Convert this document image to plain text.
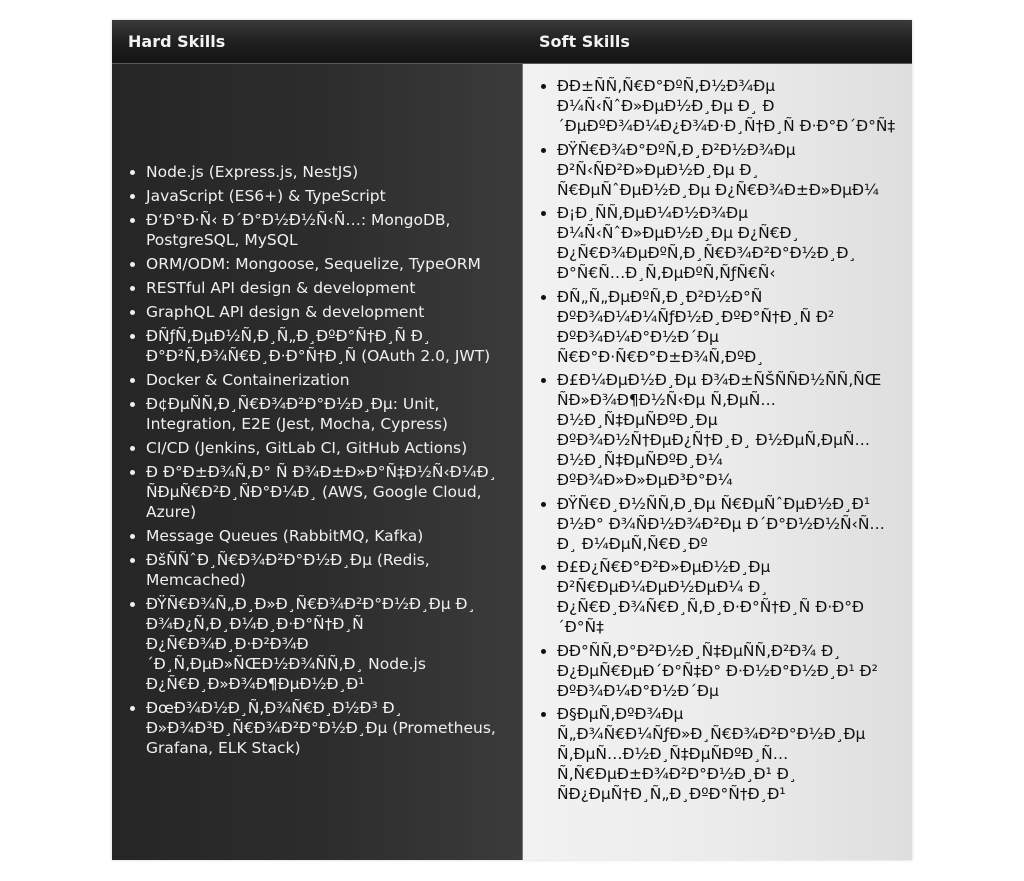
Hard Skills	Soft Skills
Node.js (Express.js, NestJS)
JavaScript (ES6+) & TypeScript
Ð‘Ð°Ð·Ñ‹ Ð´Ð°Ð½Ð½Ñ‹Ñ…: MongoDB, PostgreSQL, MySQL
ORM/ODM: Mongoose, Sequelize, TypeORM
RESTful API design & development
GraphQL API design & development
ÐÑƒÑ‚ÐµÐ½Ñ‚Ð¸Ñ„Ð¸ÐºÐ°Ñ†Ð¸Ñ Ð¸ Ð°Ð²Ñ‚Ð¾Ñ€Ð¸Ð·Ð°Ñ†Ð¸Ñ (OAuth 2.0, JWT)
Docker & Containerization
Ð¢ÐµÑÑ‚Ð¸Ñ€Ð¾Ð²Ð°Ð½Ð¸Ðµ: Unit, Integration, E2E (Jest, Mocha, Cypress)
CI/CD (Jenkins, GitLab CI, GitHub Actions)
Ð Ð°Ð±Ð¾Ñ‚Ð° Ñ Ð¾Ð±Ð»Ð°Ñ‡Ð½Ñ‹Ð¼Ð¸ ÑÐµÑ€Ð²Ð¸ÑÐ°Ð¼Ð¸ (AWS, Google Cloud, Azure)
Message Queues (RabbitMQ, Kafka)
ÐšÑÑˆÐ¸Ñ€Ð¾Ð²Ð°Ð½Ð¸Ðµ (Redis, Memcached)
ÐŸÑ€Ð¾Ñ„Ð¸Ð»Ð¸Ñ€Ð¾Ð²Ð°Ð½Ð¸Ðµ Ð¸ Ð¾Ð¿Ñ‚Ð¸Ð¼Ð¸Ð·Ð°Ñ†Ð¸Ñ Ð¿Ñ€Ð¾Ð¸Ð·Ð²Ð¾Ð´Ð¸Ñ‚ÐµÐ»ÑŒÐ½Ð¾ÑÑ‚Ð¸ Node.js Ð¿Ñ€Ð¸Ð»Ð¾Ð¶ÐµÐ½Ð¸Ð¹
ÐœÐ¾Ð½Ð¸Ñ‚Ð¾Ñ€Ð¸Ð½Ð³ Ð¸ Ð»Ð¾Ð³Ð¸Ñ€Ð¾Ð²Ð°Ð½Ð¸Ðµ (Prometheus, Grafana, ELK Stack)
ÐÐ±ÑÑ‚Ñ€Ð°ÐºÑ‚Ð½Ð¾Ðµ Ð¼Ñ‹ÑˆÐ»ÐµÐ½Ð¸Ðµ Ð¸ Ð´ÐµÐºÐ¾Ð¼Ð¿Ð¾Ð·Ð¸Ñ†Ð¸Ñ Ð·Ð°Ð´Ð°Ñ‡
ÐŸÑ€Ð¾Ð°ÐºÑ‚Ð¸Ð²Ð½Ð¾Ðµ Ð²Ñ‹ÑÐ²Ð»ÐµÐ½Ð¸Ðµ Ð¸ Ñ€ÐµÑˆÐµÐ½Ð¸Ðµ Ð¿Ñ€Ð¾Ð±Ð»ÐµÐ¼
Ð¡Ð¸ÑÑ‚ÐµÐ¼Ð½Ð¾Ðµ Ð¼Ñ‹ÑˆÐ»ÐµÐ½Ð¸Ðµ Ð¿Ñ€Ð¸ Ð¿Ñ€Ð¾ÐµÐºÑ‚Ð¸Ñ€Ð¾Ð²Ð°Ð½Ð¸Ð¸ Ð°Ñ€Ñ…Ð¸Ñ‚ÐµÐºÑ‚ÑƒÑ€Ñ‹
ÐÑ„Ñ„ÐµÐºÑ‚Ð¸Ð²Ð½Ð°Ñ ÐºÐ¾Ð¼Ð¼ÑƒÐ½Ð¸ÐºÐ°Ñ†Ð¸Ñ Ð² ÐºÐ¾Ð¼Ð°Ð½Ð´Ðµ Ñ€Ð°Ð·Ñ€Ð°Ð±Ð¾Ñ‚ÐºÐ¸
Ð£Ð¼ÐµÐ½Ð¸Ðµ Ð¾Ð±ÑŠÑÑÐ½ÑÑ‚ÑŒ ÑÐ»Ð¾Ð¶Ð½Ñ‹Ðµ Ñ‚ÐµÑ…Ð½Ð¸Ñ‡ÐµÑÐºÐ¸Ðµ ÐºÐ¾Ð½Ñ†ÐµÐ¿Ñ†Ð¸Ð¸ Ð½ÐµÑ‚ÐµÑ…Ð½Ð¸Ñ‡ÐµÑÐºÐ¸Ð¼ ÐºÐ¾Ð»Ð»ÐµÐ³Ð°Ð¼
ÐŸÑ€Ð¸Ð½ÑÑ‚Ð¸Ðµ Ñ€ÐµÑˆÐµÐ½Ð¸Ð¹ Ð½Ð° Ð¾ÑÐ½Ð¾Ð²Ðµ Ð´Ð°Ð½Ð½Ñ‹Ñ… Ð¸ Ð¼ÐµÑ‚Ñ€Ð¸Ðº
Ð£Ð¿Ñ€Ð°Ð²Ð»ÐµÐ½Ð¸Ðµ Ð²Ñ€ÐµÐ¼ÐµÐ½ÐµÐ¼ Ð¸ Ð¿Ñ€Ð¸Ð¾Ñ€Ð¸Ñ‚Ð¸Ð·Ð°Ñ†Ð¸Ñ Ð·Ð°Ð´Ð°Ñ‡
ÐÐ°ÑÑ‚Ð°Ð²Ð½Ð¸Ñ‡ÐµÑÑ‚Ð²Ð¾ Ð¸ Ð¿ÐµÑ€ÐµÐ´Ð°Ñ‡Ð° Ð·Ð½Ð°Ð½Ð¸Ð¹ Ð² ÐºÐ¾Ð¼Ð°Ð½Ð´Ðµ
Ð§ÐµÑ‚ÐºÐ¾Ðµ Ñ„Ð¾Ñ€Ð¼ÑƒÐ»Ð¸Ñ€Ð¾Ð²Ð°Ð½Ð¸Ðµ Ñ‚ÐµÑ…Ð½Ð¸Ñ‡ÐµÑÐºÐ¸Ñ… Ñ‚Ñ€ÐµÐ±Ð¾Ð²Ð°Ð½Ð¸Ð¹ Ð¸ ÑÐ¿ÐµÑ†Ð¸Ñ„Ð¸ÐºÐ°Ñ†Ð¸Ð¹
